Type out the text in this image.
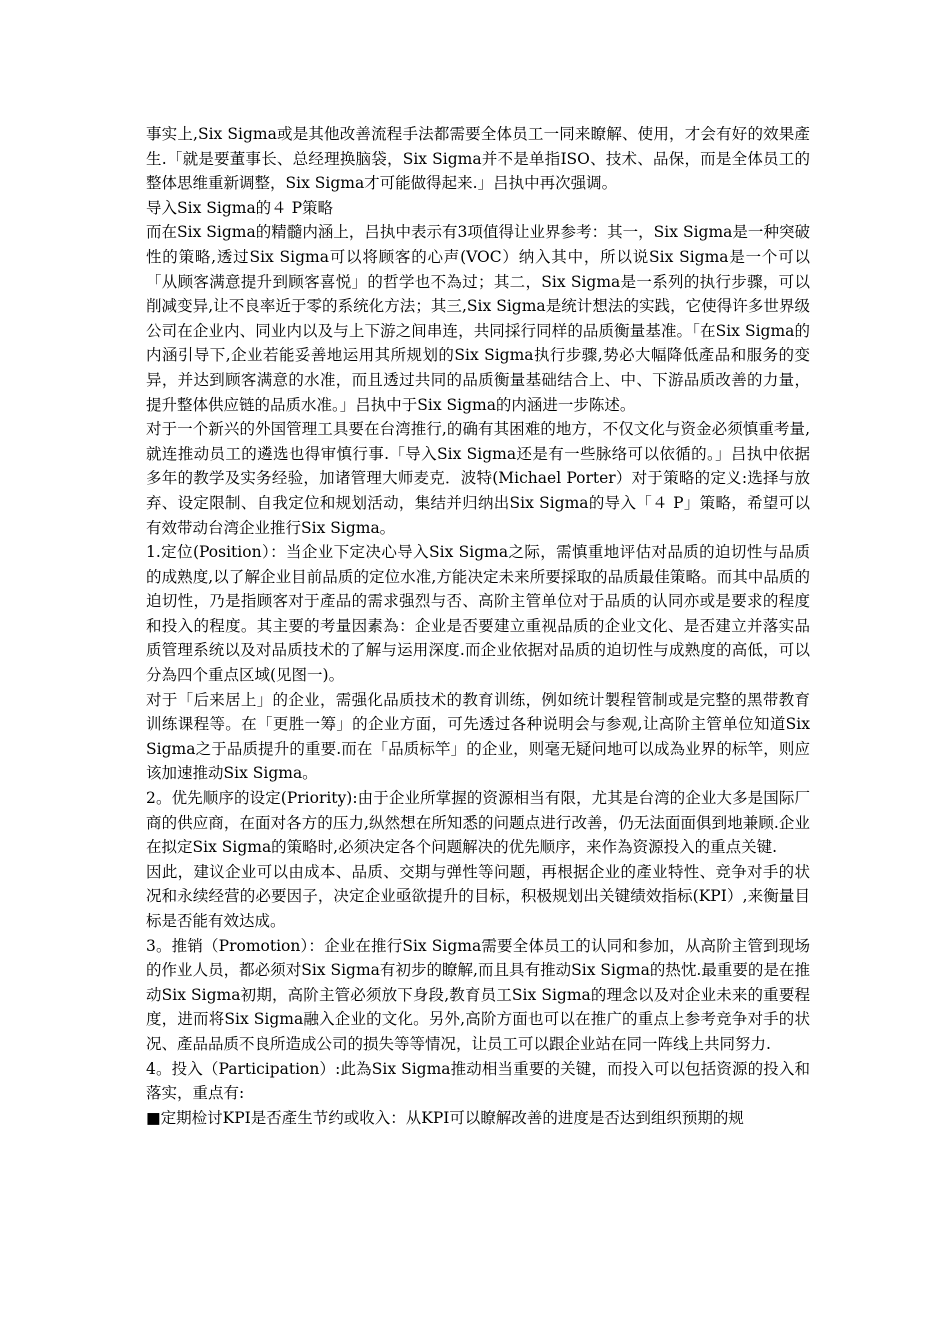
事实上,Six Sigma或是其他改善流程手法都需要全体员工一同来瞭解、使用，才会有好的效果產生.「就是要董事长、总经理换脑袋，Six Sigma并不是单指ISO、技术、品保，而是全体员工的整体思维重新调整，Six Sigma才可能做得起来.」吕执中再次强调。

导入Six Sigma的４ P策略

而在Six Sigma的精髓内涵上，吕执中表示有3项值得让业界参考：其一，Six Sigma是一种突破性的策略,透过Six Sigma可以将顾客的心声(VOC）纳入其中，所以说Six Sigma是一个可以「从顾客满意提升到顾客喜悦」的哲学也不為过；其二，Six Sigma是一系列的执行步骤，可以削减变异,让不良率近于零的系统化方法；其三,Six Sigma是统计想法的实践，它使得许多世界级公司在企业内、同业内以及与上下游之间串连，共同採行同样的品质衡量基准。「在Six Sigma的内涵引导下,企业若能妥善地运用其所规划的Six Sigma执行步骤,势必大幅降低產品和服务的变异，并达到顾客满意的水准，而且透过共同的品质衡量基础结合上、中、下游品质改善的力量，提升整体供应链的品质水准。」吕执中于Six Sigma的内涵进一步陈述。

对于一个新兴的外国管理工具要在台湾推行,的确有其困难的地方，不仅文化与资金必须慎重考量,就连推动员工的遴选也得审慎行事.「导入Six Sigma还是有一些脉络可以依循的。」吕执中依据多年的教学及实务经验，加诸管理大师麦克．波特(Michael Porter）对于策略的定义:选择与放弃、设定限制、自我定位和规划活动，集结并归纳出Six Sigma的导入「４ P」策略，希望可以有效带动台湾企业推行Six Sigma。

1.定位(Position）：当企业下定决心导入Six Sigma之际，需慎重地评估对品质的迫切性与品质的成熟度,以了解企业目前品质的定位水准,方能决定未来所要採取的品质最佳策略。而其中品质的迫切性，乃是指顾客对于產品的需求强烈与否、高阶主管单位对于品质的认同亦或是要求的程度和投入的程度。其主要的考量因素為：企业是否要建立重视品质的企业文化、是否建立并落实品质管理系统以及对品质技术的了解与运用深度.而企业依据对品质的迫切性与成熟度的高低，可以分為四个重点区域(见图一)。

对于「后来居上」的企业，需强化品质技术的教育训练，例如统计製程管制或是完整的黑带教育训练课程等。在「更胜一筹」的企业方面，可先透过各种说明会与参观,让高阶主管单位知道Six Sigma之于品质提升的重要.而在「品质标竿」的企业，则毫无疑问地可以成為业界的标竿，则应该加速推动Six Sigma。

2。优先顺序的设定(Priority):由于企业所掌握的资源相当有限，尤其是台湾的企业大多是国际厂商的供应商，在面对各方的压力,纵然想在所知悉的问题点进行改善，仍无法面面俱到地兼顾.企业在拟定Six Sigma的策略时,必须决定各个问题解决的优先顺序，来作為资源投入的重点关键.

因此，建议企业可以由成本、品质、交期与弹性等问题，再根据企业的產业特性、竞争对手的状况和永续经营的必要因子，决定企业亟欲提升的目标，积极规划出关键绩效指标(KPI）,来衡量目标是否能有效达成。

3。推销（Promotion）：企业在推行Six Sigma需要全体员工的认同和参加，从高阶主管到现场的作业人员，都必须对Six Sigma有初步的瞭解,而且具有推动Six Sigma的热忱.最重要的是在推动Six Sigma初期，高阶主管必须放下身段,教育员工Six Sigma的理念以及对企业未来的重要程度，进而将Six Sigma融入企业的文化。另外,高阶方面也可以在推广的重点上参考竞争对手的状况、產品品质不良所造成公司的损失等等情况，让员工可以跟企业站在同一阵线上共同努力.

4。投入（Participation）:此為Six Sigma推动相当重要的关键，而投入可以包括资源的投入和落实，重点有:

■定期检讨KPI是否產生节约或收入：从KPI可以瞭解改善的进度是否达到组织预期的规
